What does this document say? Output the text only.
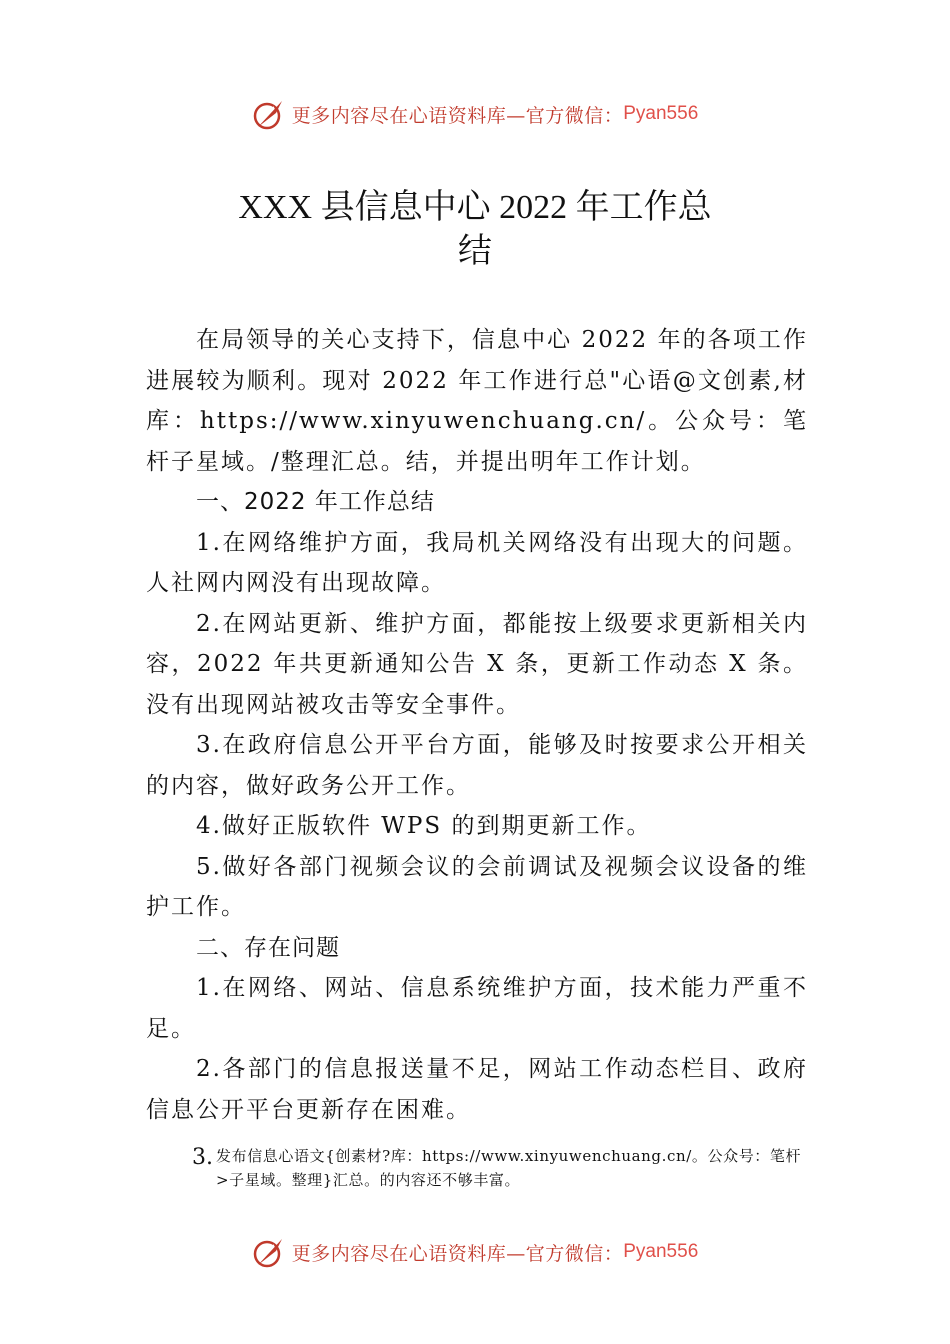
更多内容尽在心语资料库—官方微信： Pyan556
XXX 县信息中心 2022 年工作总
结

在局领导的关心支持下，信息中心 2022 年的各项工作进展较为顺利。现对 2022 年工作进行总"心语@文创素,材库：https://www.xinyuwenchuang.cn/。公众号：笔杆子星域。/整理汇总。结，并提出明年工作计划。

一、2022 年工作总结

1.在网络维护方面，我局机关网络没有出现大的问题。人社网内网没有出现故障。

2.在网站更新、维护方面，都能按上级要求更新相关内容，2022 年共更新通知公告 X 条，更新工作动态 X 条。没有出现网站被攻击等安全事件。

3.在政府信息公开平台方面，能够及时按要求公开相关的内容，做好政务公开工作。

4.做好正版软件 WPS 的到期更新工作。

5.做好各部门视频会议的会前调试及视频会议设备的维护工作。

二、存在问题

1.在网络、网站、信息系统维护方面，技术能力严重不足。

2.各部门的信息报送量不足，网站工作动态栏目、政府信息公开平台更新存在困难。

3. 发布信息心语文{创素材?库：https://www.xinyuwenchuang.cn/。公众号：笔杆>子星域。整理}汇总。的内容还不够丰富。
更多内容尽在心语资料库—官方微信： Pyan556
